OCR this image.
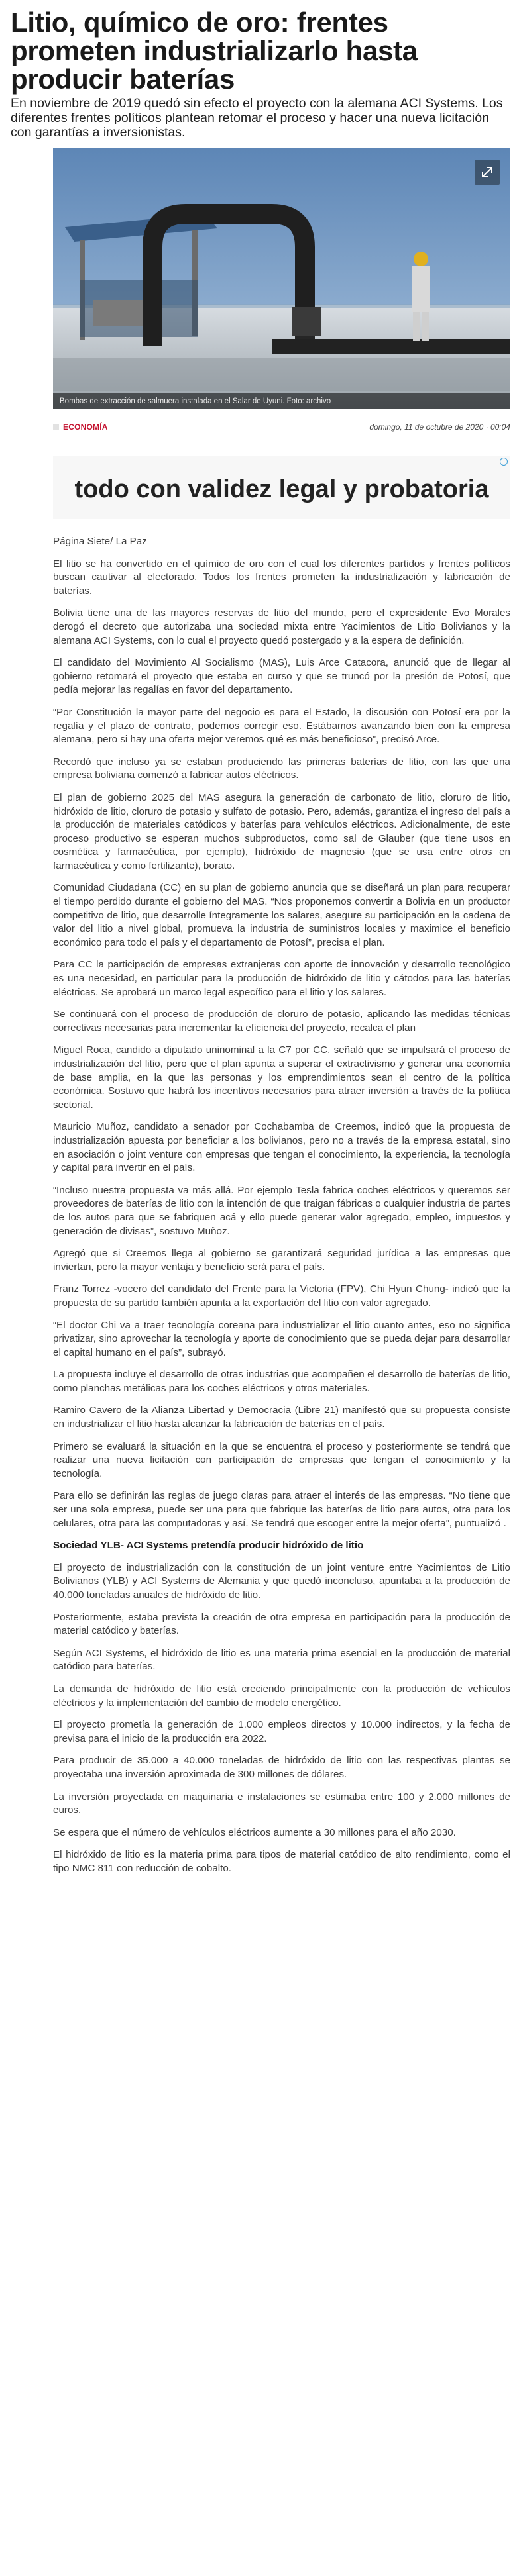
Litio, químico de oro: frentes prometen industrializarlo hasta producir baterías

En noviembre de 2019 quedó sin efecto el proyecto con la alemana ACI Systems. Los diferentes frentes políticos plantean retomar el proceso y hacer una nueva licitación con garantías a inversionistas.

Bombas de extracción de salmuera instalada en el Salar de Uyuni. Foto: archivo
ECONOMÍA	domingo, 11 de octubre de 2020 · 00:04
todo con validez legal y probatoria

Página Siete/ La Paz

El litio se ha convertido en el químico de oro con el cual los diferentes partidos y frentes políticos buscan cautivar al electorado. Todos los frentes prometen la industrialización y fabricación de baterías.

Bolivia tiene una de las mayores reservas de litio del mundo, pero el expresidente Evo Morales derogó el decreto que autorizaba una sociedad mixta entre Yacimientos de Litio Bolivianos y la alemana ACI Systems, con lo cual el proyecto quedó postergado y a la espera de definición.

El candidato del Movimiento Al Socialismo (MAS), Luis Arce Catacora, anunció que de llegar al gobierno retomará el proyecto que estaba en curso y que se truncó por la presión de Potosí, que pedía mejorar las regalías en favor del departamento.

“Por Constitución la mayor parte del negocio es para el Estado, la discusión con Potosí era por la regalía y el plazo de contrato, podemos corregir eso. Estábamos avanzando bien con la empresa alemana, pero si hay una oferta mejor veremos qué es más beneficioso”, precisó Arce.

Recordó que incluso ya se estaban produciendo las primeras baterías de litio, con las que una empresa boliviana comenzó a fabricar autos eléctricos.

El plan de gobierno 2025 del MAS asegura la generación de carbonato de litio, cloruro de litio, hidróxido de litio, cloruro de potasio y sulfato de potasio. Pero, además, garantiza el ingreso del país a la producción de materiales catódicos y baterías para vehículos eléctricos. Adicionalmente, de este proceso productivo se esperan muchos subproductos, como sal de Glauber (que tiene usos en cosmética y farmacéutica, por ejemplo), hidróxido de magnesio (que se usa entre otros en farmacéutica y como fertilizante), borato.

Comunidad Ciudadana (CC) en su plan de gobierno anuncia que se diseñará un plan para recuperar el tiempo perdido durante el gobierno del MAS. “Nos proponemos convertir a Bolivia en un productor competitivo de litio, que desarrolle íntegramente los salares, asegure su participación en la cadena de valor del litio a nivel global, promueva la industria de suministros locales y maximice el beneficio económico para todo el país y el departamento de Potosí”, precisa el plan.

Para CC la participación de empresas extranjeras con aporte de innovación y desarrollo tecnológico es una necesidad, en particular para la producción de hidróxido de litio y cátodos para las baterías eléctricas. Se aprobará un marco legal específico para el litio y los salares.

Se continuará con el proceso de producción de cloruro de potasio, aplicando las medidas técnicas correctivas necesarias para incrementar la eficiencia del proyecto, recalca el plan

Miguel Roca, candido a diputado uninominal a la C7 por CC, señaló que se impulsará el proceso de industrialización del litio, pero que el plan apunta a superar el extractivismo y generar una economía de base amplia, en la que las personas y los emprendimientos sean el centro de la política económica. Sostuvo que habrá los incentivos necesarios para atraer inversión a través de la política sectorial.

Mauricio Muñoz, candidato a senador por Cochabamba de Creemos, indicó que la propuesta de industrialización apuesta por beneficiar a los bolivianos, pero no a través de la empresa estatal, sino en asociación o joint venture con empresas que tengan el conocimiento, la experiencia, la tecnología y capital para invertir en el país.

“Incluso nuestra propuesta va más allá. Por ejemplo Tesla fabrica coches eléctricos y queremos ser proveedores de baterías de litio con la intención de que traigan fábricas o cualquier industria de partes de los autos para que se fabriquen acá y ello puede generar valor agregado, empleo, impuestos y generación de divisas”, sostuvo Muñoz.

Agregó que si Creemos llega al gobierno se garantizará seguridad jurídica a las empresas que inviertan, pero la mayor ventaja y beneficio será para el país.

Franz Torrez -vocero del candidato del Frente para la Victoria (FPV), Chi Hyun Chung- indicó que la propuesta de su partido también apunta a la exportación del litio con valor agregado.

“El doctor Chi va a traer tecnología coreana para industrializar el litio cuanto antes, eso no significa privatizar, sino aprovechar la tecnología y aporte de conocimiento que se pueda dejar para desarrollar el capital humano en el país”, subrayó.

La propuesta incluye el desarrollo de otras industrias que acompañen el desarrollo de baterías de litio, como planchas metálicas para los coches eléctricos y otros materiales.

Ramiro Cavero de la Alianza Libertad y Democracia (Libre 21) manifestó que su propuesta consiste en industrializar el litio hasta alcanzar la fabricación de baterías en el país.

Primero se evaluará la situación en la que se encuentra el proceso y posteriormente se tendrá que realizar una nueva licitación con participación de empresas que tengan el conocimiento y la tecnología.

Para ello se definirán las reglas de juego claras para atraer el interés de las empresas. “No tiene que ser una sola empresa, puede ser una para que fabrique las baterías de litio para autos, otra para los celulares, otra para las computadoras y así. Se tendrá que escoger entre la mejor oferta”, puntualizó .

Sociedad YLB- ACI Systems pretendía producir hidróxido de litio

El proyecto de industrialización con la constitución de un joint venture entre Yacimientos de Litio Bolivianos (YLB) y ACI Systems de Alemania y que quedó inconcluso, apuntaba a la producción de 40.000 toneladas anuales de hidróxido de litio.

Posteriormente, estaba prevista la creación de otra empresa en participación para la producción de material catódico y baterías.

Según ACI Systems, el hidróxido de litio es una materia prima esencial en la producción de material catódico para baterías.

La demanda de hidróxido de litio está creciendo principalmente con la producción de vehículos eléctricos y la implementación del cambio de modelo energético.

El proyecto prometía la generación de 1.000 empleos directos y 10.000 indirectos, y la fecha de previsa para el inicio de la producción era 2022.

Para producir de 35.000 a 40.000 toneladas de hidróxido de litio con las respectivas plantas se proyectaba una inversión aproximada de 300 millones de dólares.

La inversión proyectada en maquinaria e instalaciones se estimaba entre 100 y 2.000 millones de euros.

Se espera que el número de vehículos eléctricos aumente a 30 millones para el año 2030.

El hidróxido de litio es la materia prima para tipos de material catódico de alto rendimiento, como el tipo NMC 811 con reducción de cobalto.
